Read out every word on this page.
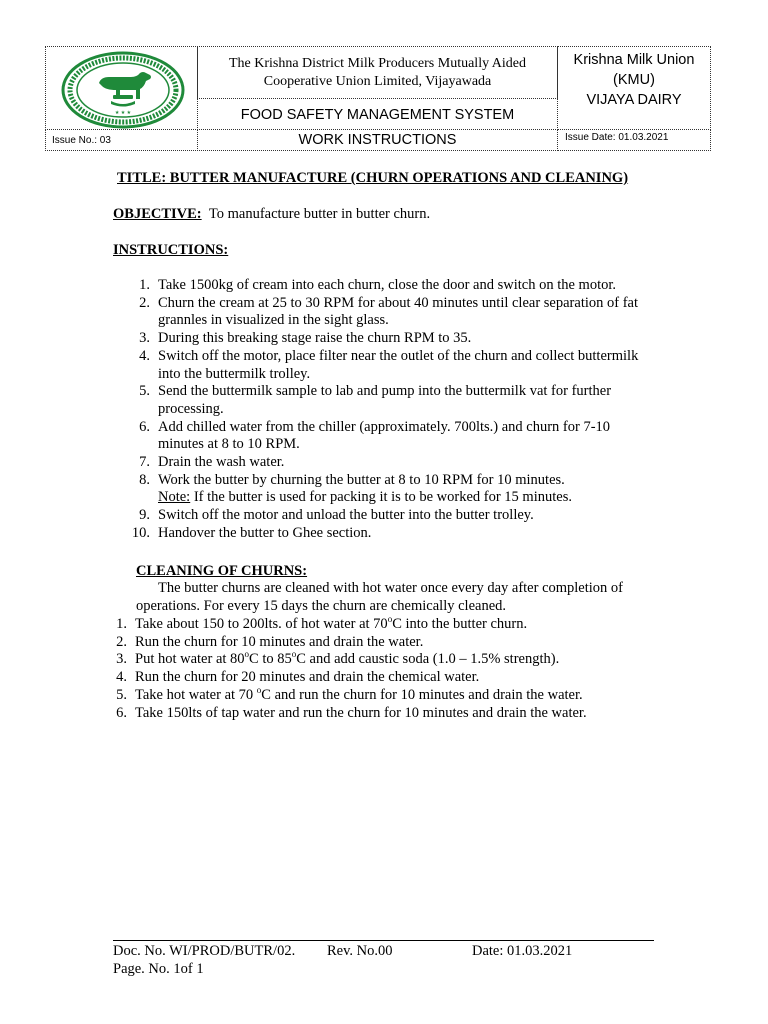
★ ★ ★
The Krishna District Milk Producers Mutually Aided
Cooperative Union Limited, Vijayawada
Krishna Milk Union
(KMU)
VIJAYA DAIRY
FOOD SAFETY MANAGEMENT SYSTEM
Issue No.: 03	WORK INSTRUCTIONS	Issue Date: 01.03.2021
TITLE: BUTTER MANUFACTURE (CHURN OPERATIONS AND CLEANING)
OBJECTIVE: To manufacture butter in butter churn.
INSTRUCTIONS:
1. Take 1500kg of cream into each churn, close the door and switch on the motor.
2. Churn the cream at 25 to 30 RPM for about 40 minutes until clear separation of fat grannles in visualized in the sight glass.
3. During this breaking stage raise the churn RPM to 35.
4. Switch off the motor, place filter near the outlet of the churn and collect buttermilk into the buttermilk trolley.
5. Send the buttermilk sample to lab and pump into the buttermilk vat for further processing.
6. Add chilled water from the chiller (approximately. 700lts.) and churn for 7-10 minutes at 8 to 10 RPM.
7. Drain the wash water.
8. Work the butter by churning the butter at 8 to 10 RPM for 10 minutes.
Note: If the butter is used for packing it is to be worked for 15 minutes.
9. Switch off the motor and unload the butter into the butter trolley.
10. Handover the butter to Ghee section.
CLEANING OF CHURNS:
The butter churns are cleaned with hot water once every day after completion of
operations. For every 15 days the churn are chemically cleaned.
1. Take about 150 to 200lts. of hot water at 70$^o$C into the butter churn.
2. Run the churn for 10 minutes and drain the water.
3. Put hot water at 80$^o$C to 85$^o$C and add caustic soda (1.0 – 1.5% strength).
4. Run the churn for 20 minutes and drain the chemical water.
5. Take hot water at 70 $^o$C and run the churn for 10 minutes and drain the water.
6. Take 150lts of tap water and run the churn for 10 minutes and drain the water.
Doc. No. WI/PROD/BUTR/02. Rev. No.00	Date: 01.03.2021
Page. No. 1of 1
